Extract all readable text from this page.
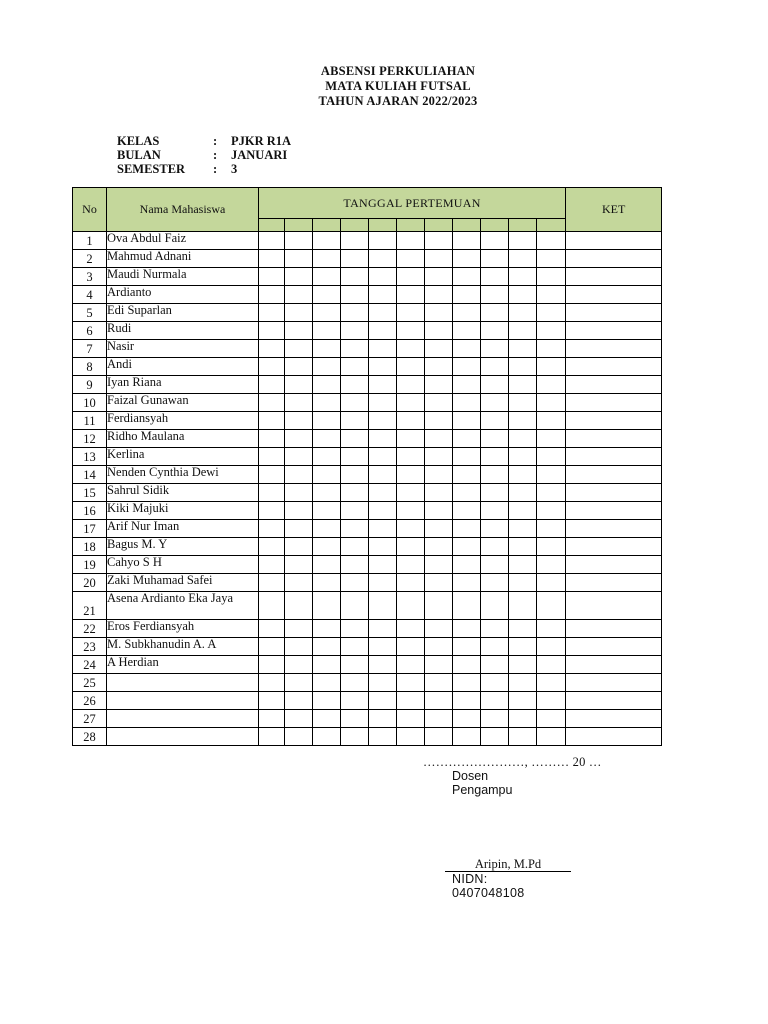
ABSENSI PERKULIAHAN
MATA KULIAH FUTSAL
TAHUN AJARAN 2022/2023
KELAS	:	PJKR R1A
BULAN	:	JANUARI
SEMESTER	:	3
No	Nama Mahasiswa	TANGGAL PERTEMUAN											KET

1	Ova Abdul Faiz												
2	Mahmud Adnani												
3	Maudi Nurmala												
4	Ardianto												
5	Edi Suparlan												
6	Rudi												
7	Nasir												
8	Andi												
9	Iyan Riana												
10	Faizal Gunawan												
11	Ferdiansyah												
12	Ridho Maulana												
13	Kerlina												
14	Nenden Cynthia Dewi												
15	Sahrul Sidik												
16	Kiki Majuki												
17	Arif Nur Iman												
18	Bagus M. Y												
19	Cahyo S H												
20	Zaki Muhamad Safei												
21	Asena Ardianto Eka Jaya												
22	Eros Ferdiansyah												
23	M. Subkhanudin A. A												
24	A Herdian												
25													
26													
27													
28													
……………………, ……… 20 …
Dosen Pengampu
Aripin, M.Pd
NIDN: 0407048108
